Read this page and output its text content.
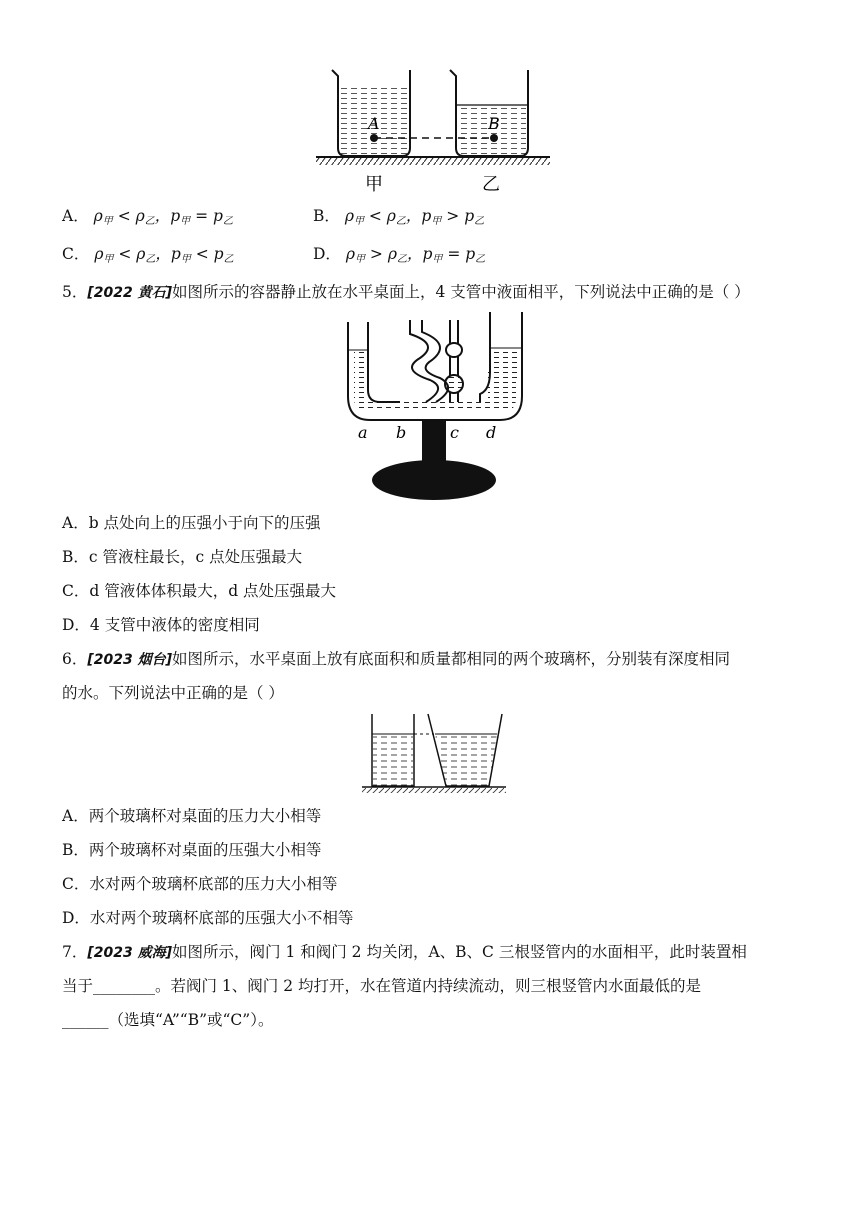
A	B
甲	乙
A． $\rho_甲 < \rho_乙$，$p_甲 = p_乙$	B． $\rho_甲 < \rho_乙$，$p_甲 > p_乙$
C． $\rho_甲 < \rho_乙$，$p_甲 < p_乙$	D． $\rho_甲 > \rho_乙$，$p_甲 = p_乙$
5．[2022 黄石]如图所示的容器静止放在水平桌面上，4 支管中液面相平，下列说法中正确的是（ ）
a b	c d
A．b 点处向上的压强小于向下的压强
B．c 管液柱最长，c 点处压强最大
C．d 管液体体积最大，d 点处压强最大
D．4 支管中液体的密度相同
6．[2023 烟台]如图所示，水平桌面上放有底面积和质量都相同的两个玻璃杯，分别装有深度相同
的水。下列说法中正确的是（ ）
A．两个玻璃杯对桌面的压力大小相等
B．两个玻璃杯对桌面的压强大小相等
C．水对两个玻璃杯底部的压力大小相等
D．水对两个玻璃杯底部的压强大小不相等
7．[2023 威海]如图所示，阀门 1 和阀门 2 均关闭，A、B、C 三根竖管内的水面相平，此时装置相
当于________。若阀门 1、阀门 2 均打开，水在管道内持续流动，则三根竖管内水面最低的是
______（选填“A”“B”或“C”）。
